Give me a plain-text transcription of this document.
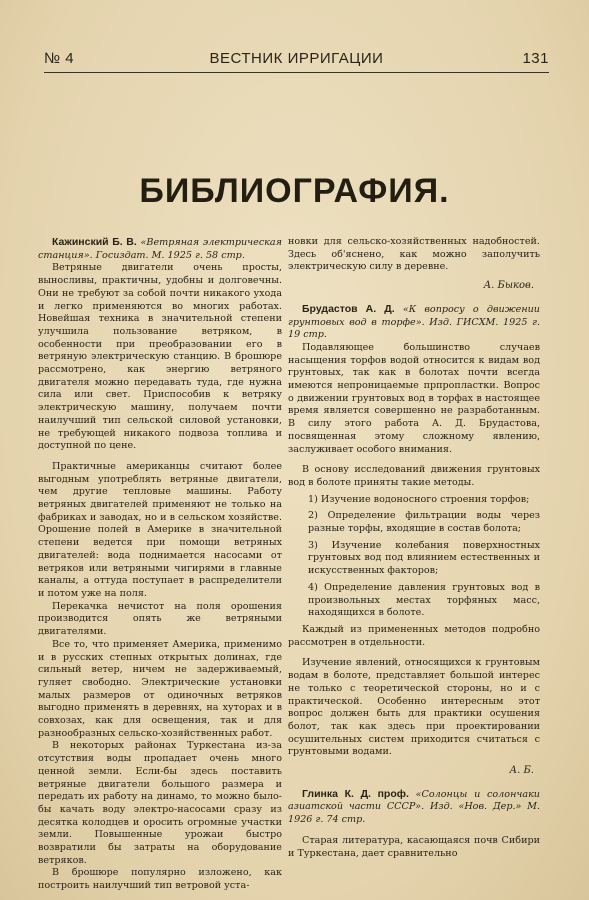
№ 4	ВЕСТНИК ИРРИГАЦИИ	131
БИБЛИОГРАФИЯ.

Кажинский Б. В. «Ветряная электрическая станция». Госиздат. М. 1925 г. 58 стр.

Ветряные двигатели очень просты, выносливы, практичны, удобны и долговечны. Они не требуют за собой почти никакого ухода и легко применяются во многих работах. Новейшая техника в значительной степени улучшила пользование ветряком, в особенности при преобразовании его в ветряную электрическую станцию. В брошюре рассмотрено, как энергию ветряного двигателя можно передавать туда, где нужна сила или свет. Приспособив к ветряку электрическую машину, получаем почти наилучший тип сельской силовой установки, не требующей никакого подвоза топлива и доступной по цене.

Практичные американцы считают более выгодным употреблять ветряные двигатели, чем другие тепловые машины. Работу ветряных двигателей применяют не только на фабриках и заводах, но и в сельском хозяйстве. Орошение полей в Америке в значительной степени ведется при помощи ветряных двигателей: вода поднимается насосами от ветряков или ветряными чигирями в главные каналы, а оттуда поступает в распределители и потом уже на поля.

Перекачка нечистот на поля орошения производится опять же ветряными двигателями.

Все то, что применяет Америка, применимо и в русских степных открытых долинах, где сильный ветер, ничем не задерживаемый, гуляет свободно. Электрические установки малых размеров от одиночных ветряков выгодно применять в деревнях, на хуторах и в совхозах, как для освещения, так и для разнообразных сельско-хозяйственных работ.

В некоторых районах Туркестана из-за отсутствия воды пропадает очень много ценной земли. Если-бы здесь поставить ветряные двигатели большого размера и передать их работу на динамо, то можно было-бы качать воду электро-насосами сразу из десятка колодцев и оросить огромные участки земли. Повышенные урожаи быстро возвратили бы затраты на оборудование ветряков.

В брошюре популярно изложено, как построить наилучший тип ветровой уста-

новки для сельско-хозяйственных надобностей. Здесь об'яснено, как можно заполучить электрическую силу в деревне.

А. Быков.

Брудастов А. Д. «К вопросу о движении грунтовых вод в торфе». Изд. ГИСХМ. 1925 г. 19 стр.

Подавляющее большинство случаев насыщения торфов водой относится к видам вод грунтовых, так как в болотах почти всегда имеются непроницаемые прпропластки. Вопрос о движении грунтовых вод в торфах в настоящее время является совершенно не разработанным. В силу этого работа А. Д. Брудастова, посвященная этому сложному явлению, заслуживает особого внимания.

В основу исследований движения грунтовых вод в болоте приняты такие методы.

1) Изучение водоносного строения торфов;
2) Определение фильтрации воды через разные торфы, входящие в состав болота;
3) Изучение колебания поверхностных грунтовых вод под влиянием естественных и искусственных факторов;
4) Определение давления грунтовых вод в произвольных местах торфяных масс, находящихся в болоте.

Каждый из примененных методов подробно рассмотрен в отдельности.

Изучение явлений, относящихся к грунтовым водам в болоте, представляет большой интерес не только с теоретической стороны, но и с практической. Особенно интересным этот вопрос должен быть для практики осушения болот, так как здесь при проектировании осушительных систем приходится считаться с грунтовыми водами.

А. Б.

Глинка К. Д. проф. «Солонцы и солончаки азиатской части СССР». Изд. «Нов. Дер.» М. 1926 г. 74 стр.

Старая литература, касающаяся почв Сибири и Туркестана, дает сравнительно
